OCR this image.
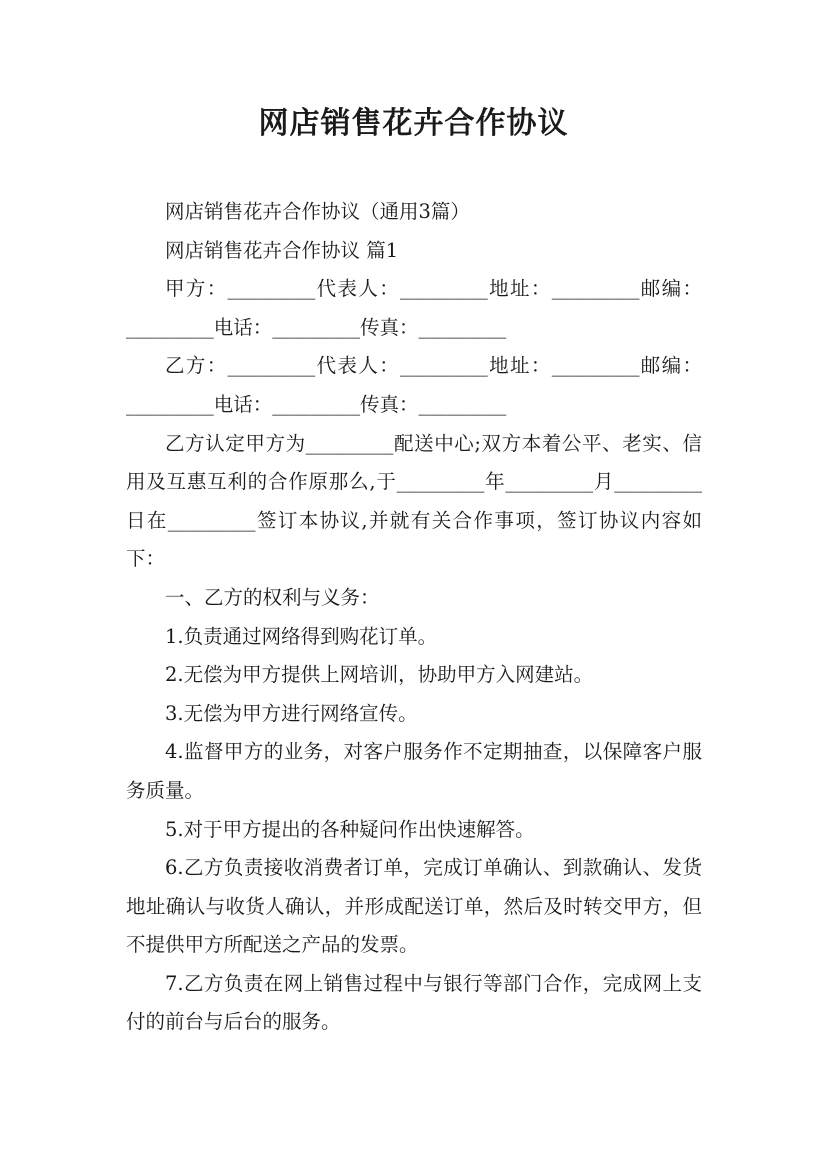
网店销售花卉合作协议

网店销售花卉合作协议（通用3篇）

网店销售花卉合作协议 篇1

甲方：_________代表人：_________地址：_________邮编：_________电话：_________传真：_________

乙方：_________代表人：_________地址：_________邮编：_________电话：_________传真：_________

乙方认定甲方为_________配送中心;双方本着公平、老实、信用及互惠互利的合作原那么,于_________年_________月_________日在_________签订本协议,并就有关合作事项，签订协议内容如下：

一、乙方的权利与义务：

1.负责通过网络得到购花订单。

2.无偿为甲方提供上网培训，协助甲方入网建站。

3.无偿为甲方进行网络宣传。

4.监督甲方的业务，对客户服务作不定期抽查，以保障客户服务质量。

5.对于甲方提出的各种疑问作出快速解答。

6.乙方负责接收消费者订单，完成订单确认、到款确认、发货地址确认与收货人确认，并形成配送订单，然后及时转交甲方，但不提供甲方所配送之产品的发票。

7.乙方负责在网上销售过程中与银行等部门合作，完成网上支付的前台与后台的服务。
